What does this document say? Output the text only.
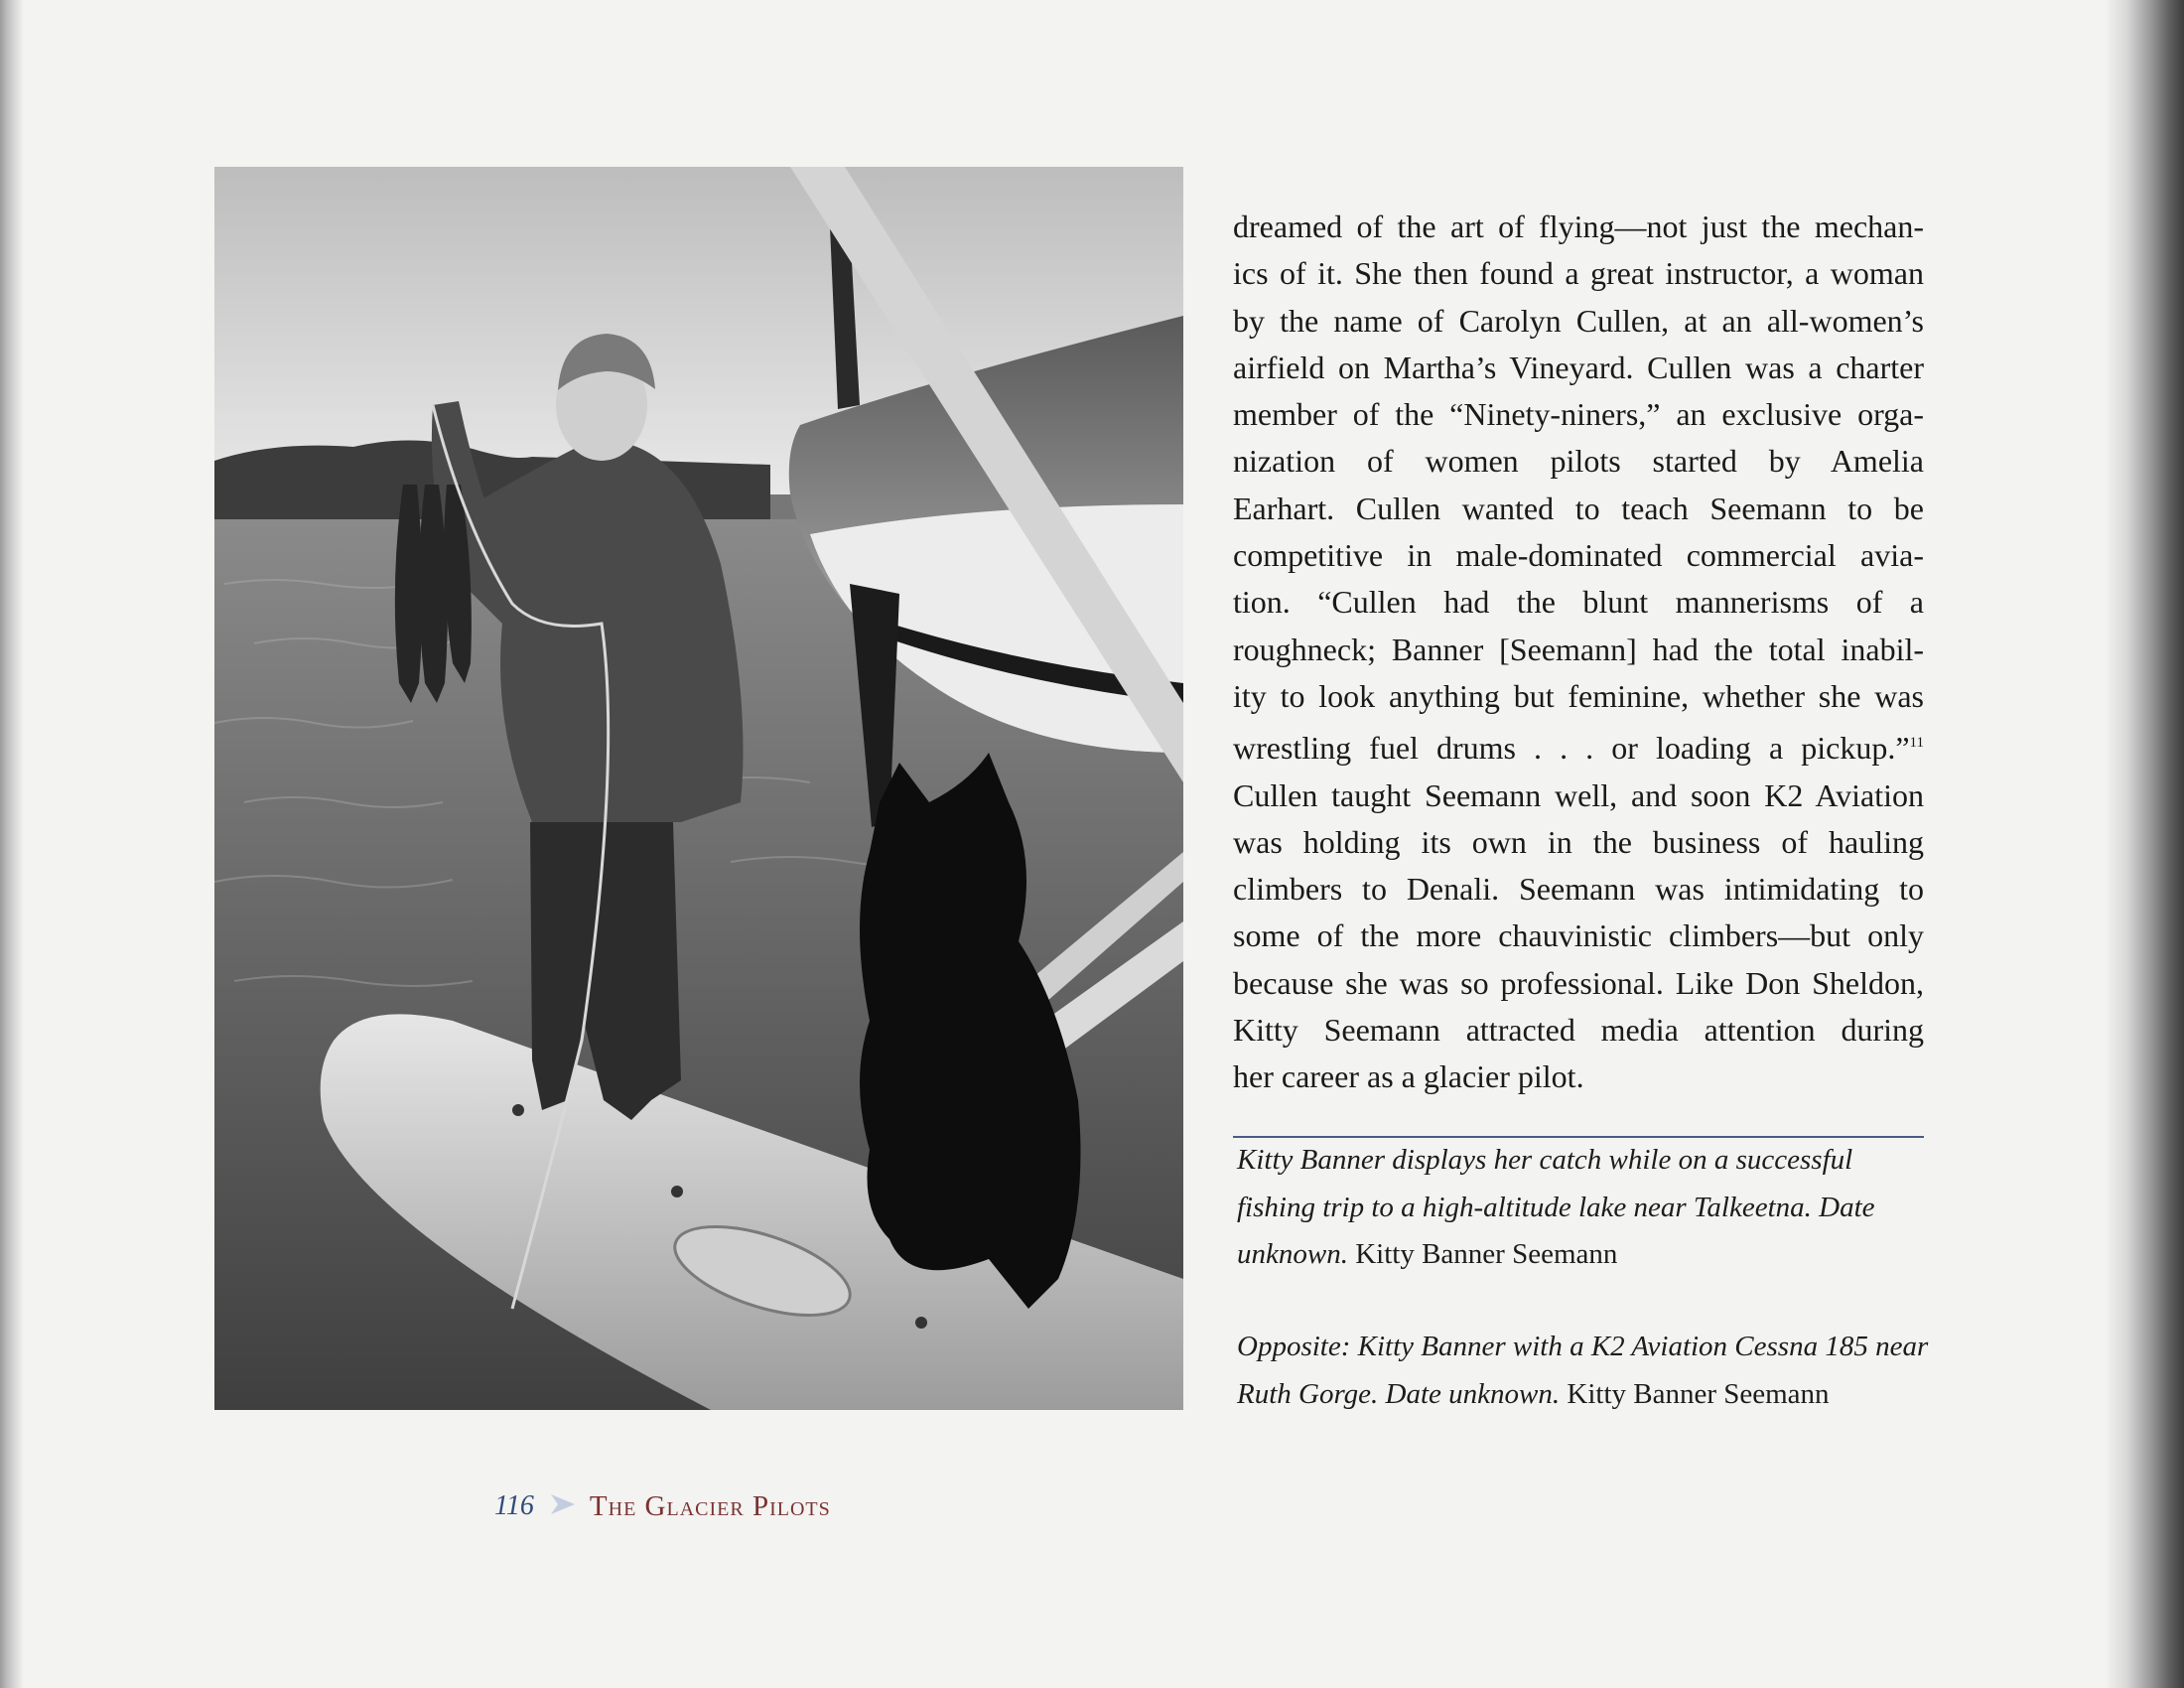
dreamed of the art of flying—not just the mechan-
ics of it. She then found a great instructor, a woman
by the name of Carolyn Cullen, at an all-women’s
airfield on Martha’s Vineyard. Cullen was a charter
member of the “Ninety-niners,” an exclusive orga-
nization of women pilots started by Amelia
Earhart. Cullen wanted to teach Seemann to be
competitive in male-dominated commercial avia-
tion. “Cullen had the blunt mannerisms of a
roughneck; Banner [Seemann] had the total inabil-
ity to look anything but feminine, whether she was
wrestling fuel drums . . . or loading a pickup.”$^{11}$
Cullen taught Seemann well, and soon K2 Aviation
was holding its own in the business of hauling
climbers to Denali. Seemann was intimidating to
some of the more chauvinistic climbers—but only
because she was so professional. Like Don Sheldon,
Kitty Seemann attracted media attention during
her career as a glacier pilot.

Kitty Banner displays her catch while on a successful fishing trip to a high-altitude lake near Talkeetna. Date unknown. Kitty Banner Seemann

Opposite: Kitty Banner with a K2 Aviation Cessna 185 near Ruth Gorge. Date unknown. Kitty Banner Seemann

116 The Glacier Pilots
